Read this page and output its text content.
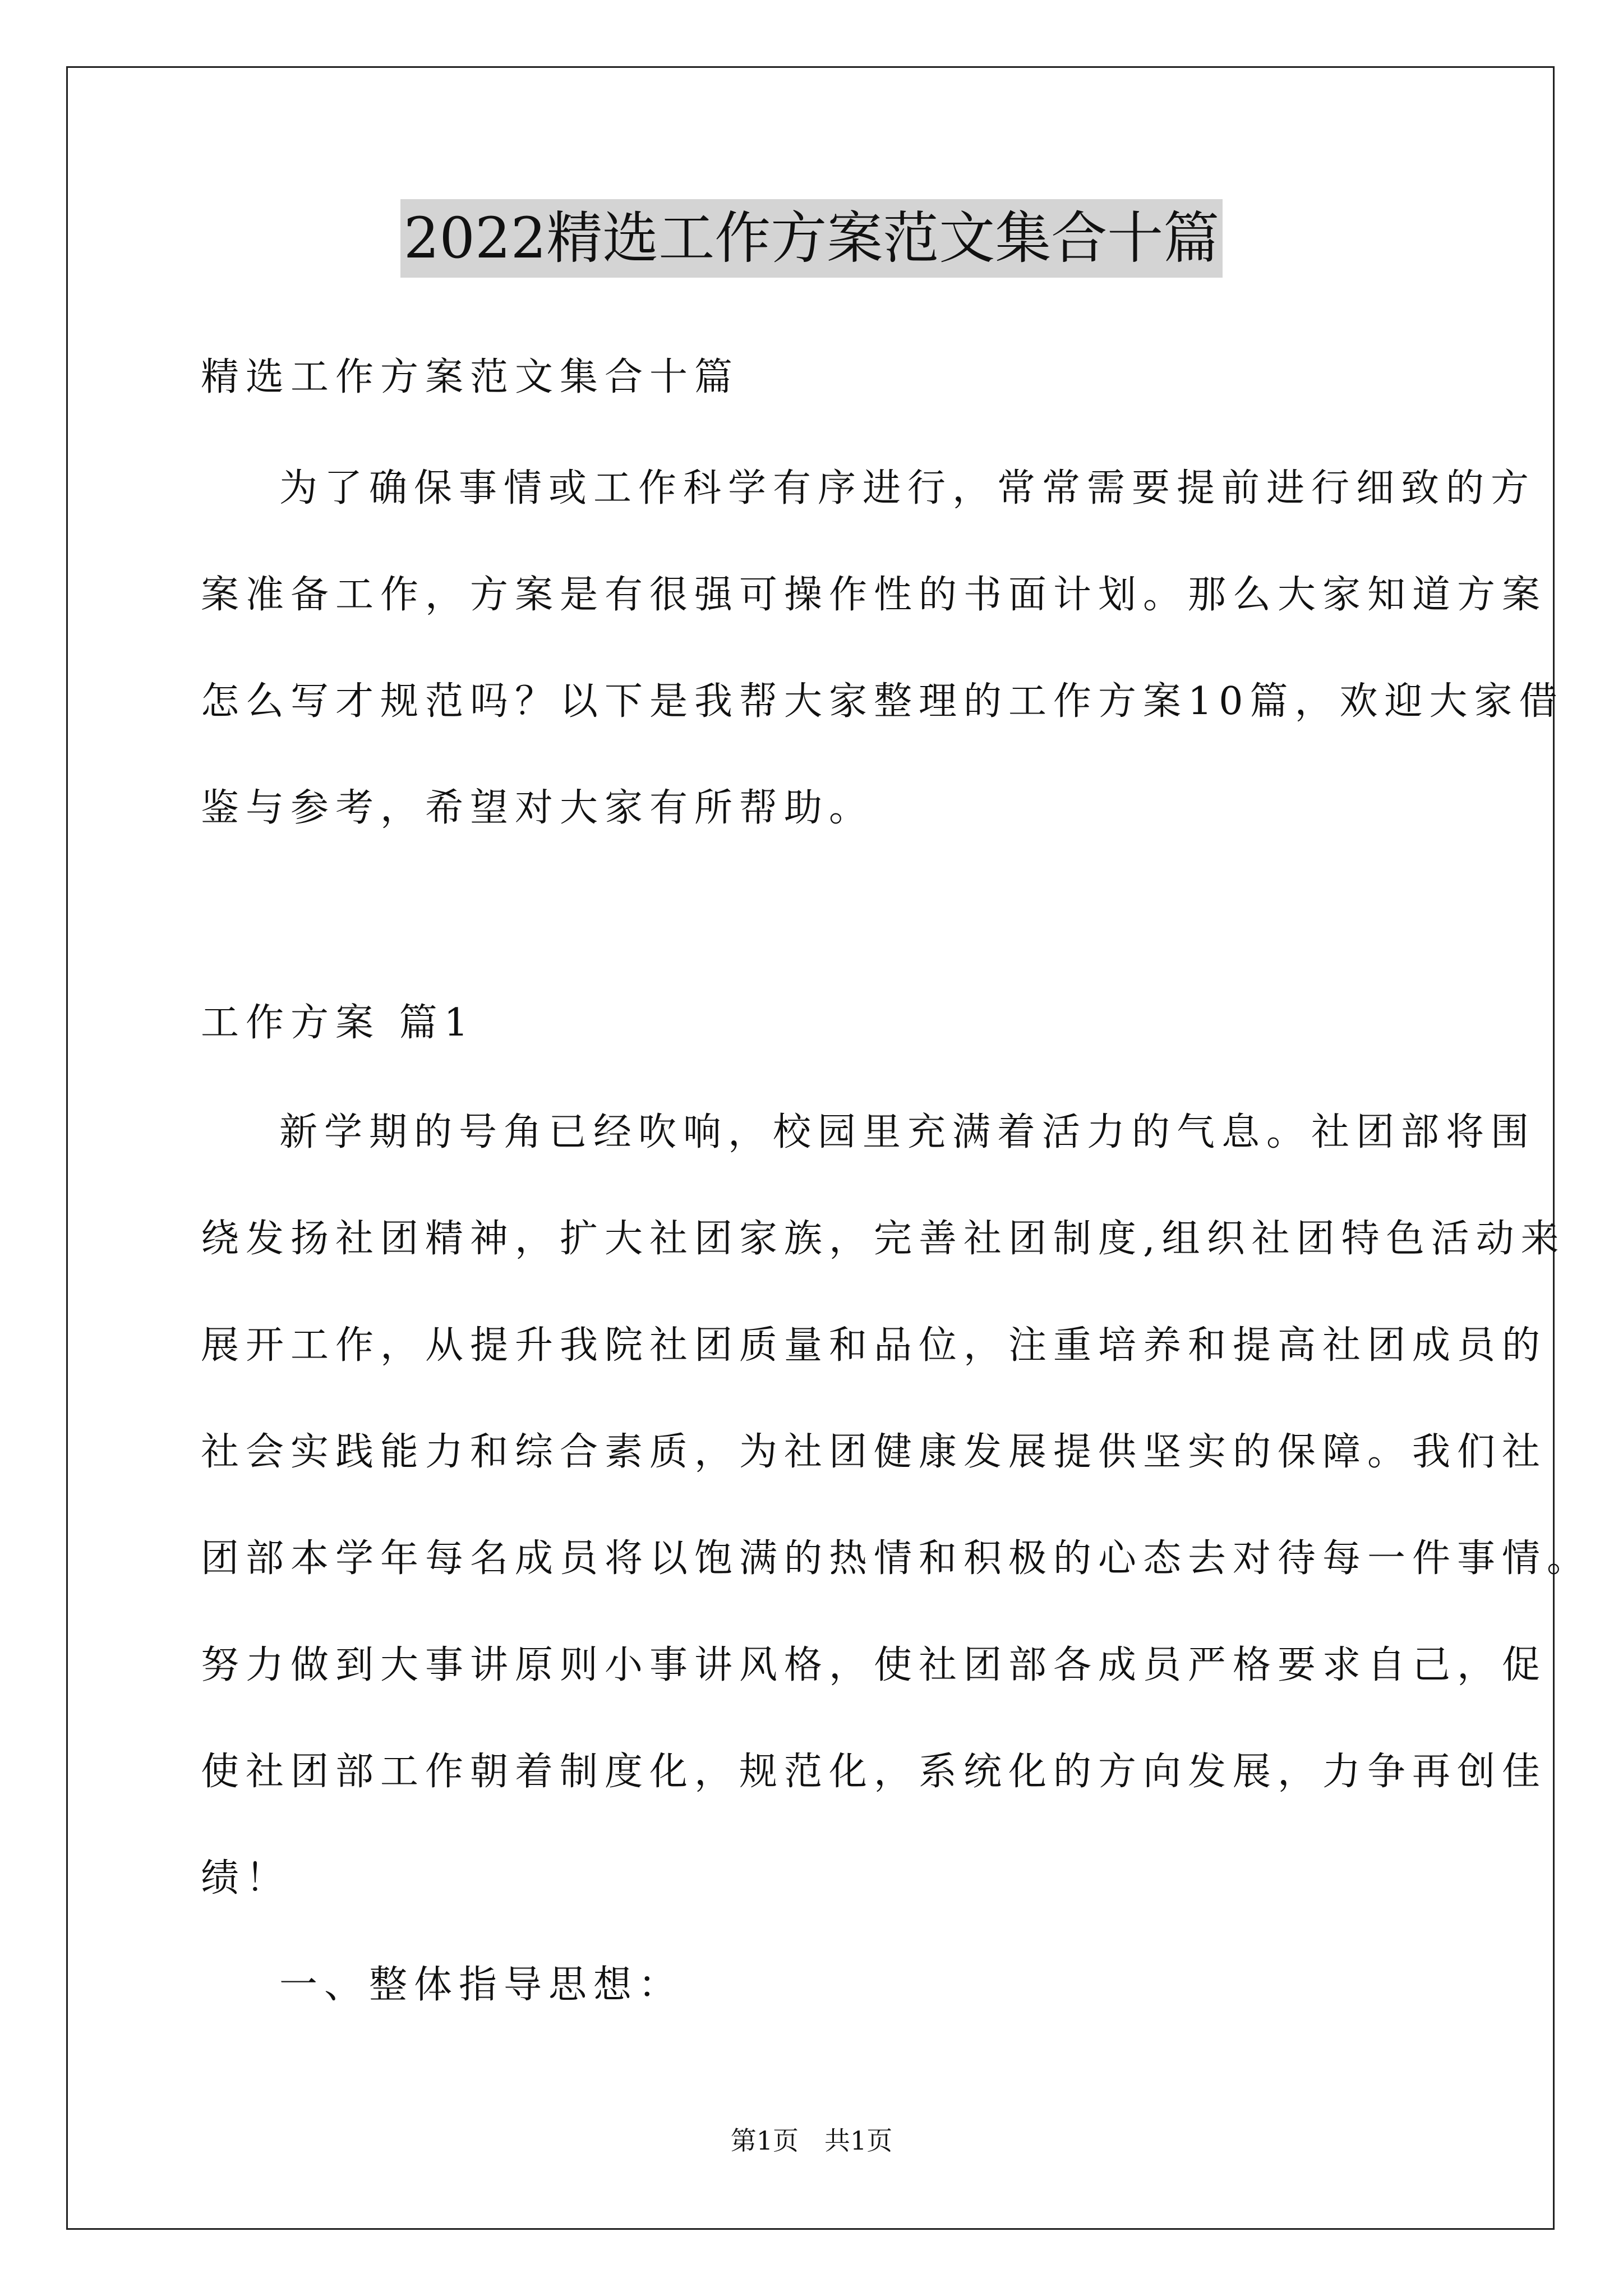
2022精选工作方案范文集合十篇
精选工作方案范文集合十篇
为了确保事情或工作科学有序进行，常常需要提前进行细致的方
案准备工作，方案是有很强可操作性的书面计划。那么大家知道方案
怎么写才规范吗？以下是我帮大家整理的工作方案10篇，欢迎大家借
鉴与参考，希望对大家有所帮助。
工作方案 篇1
新学期的号角已经吹响，校园里充满着活力的气息。社团部将围
绕发扬社团精神，扩大社团家族，完善社团制度,组织社团特色活动来
展开工作，从提升我院社团质量和品位，注重培养和提高社团成员的
社会实践能力和综合素质，为社团健康发展提供坚实的保障。我们社
团部本学年每名成员将以饱满的热情和积极的心态去对待每一件事情。
努力做到大事讲原则小事讲风格，使社团部各成员严格要求自己，促
使社团部工作朝着制度化，规范化，系统化的方向发展，力争再创佳
绩！
一、整体指导思想：
第1页　共1页
